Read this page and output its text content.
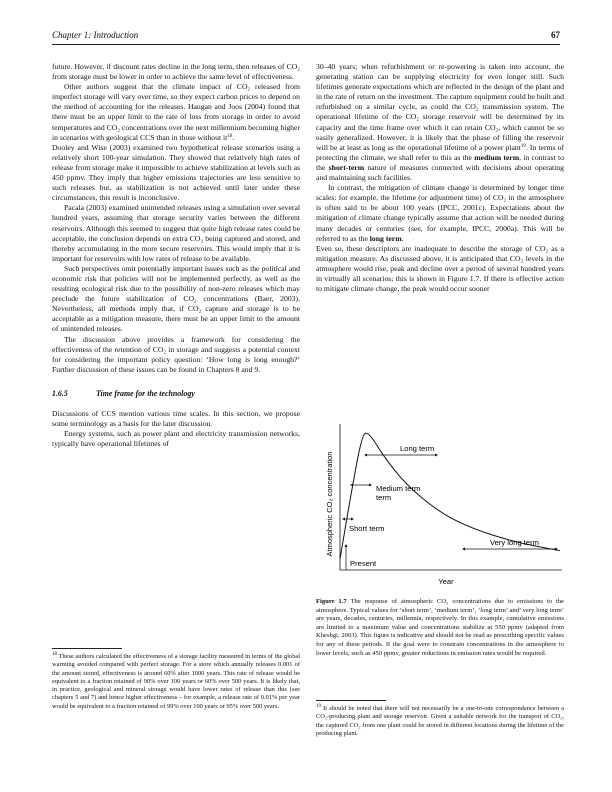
Chapter 1: Introduction	67

future. However, if discount rates decline in the long term, then releases of CO₂ from storage must be lower in order to achieve the same level of effectiveness.

Other authors suggest that the climate impact of CO₂ released from imperfect storage will vary over time, so they expect carbon prices to depend on the method of accounting for the releases. Haugan and Joos (2004) found that there must be an upper limit to the rate of loss from storage in order to avoid temperatures and CO₂ concentrations over the next millennium becoming higher in scenarios with geological CCS than in those without $it^{18}$.

Dooley and Wise (2003) examined two hypothetical release scenarios using a relatively short 100-year simulation. They showed that relatively high rates of release from storage make it impossible to achieve stabilization at levels such as 450 ppmv. They imply that higher emissions trajectories are less sensitive to such releases but, as stabilization is not achieved until later under these circumstances, this result is inconclusive.

Pacala (2003) examined unintended releases using a simulation over several hundred years, assuming that storage security varies between the different reservoirs. Although this seemed to suggest that quite high release rates could be acceptable, the conclusion depends on extra CO₂ being captured and stored, and thereby accumulating in the more secure reservoirs. This would imply that it is important for reservoirs with low rates of release to be available.

Such perspectives omit potentially important issues such as the political and economic risk that policies will not be implemented perfectly, as well as the resulting ecological risk due to the possibility of non-zero releases which may preclude the future stabilization of CO₂ concentrations (Baer, 2003). Nevertheless, all methods imply that, if CO₂ capture and storage is to be acceptable as a mitigation measure, there must be an upper limit to the amount of unintended releases.

The discussion above provides a framework for considering the effectiveness of the retention of CO₂ in storage and suggests a potential context for considering the important policy question: ‘How long is long enough?’ Further discussion of these issues can be found in Chapters 8 and 9.

1.6.5	Time frame for the technology

Discussions of CCS mention various time scales. In this section, we propose some terminology as a basis for the later discussion.

Energy systems, such as power plant and electricity transmission networks, typically have operational lifetimes of

$^{18}$ These authors calculated the effectiveness of a storage facility measured in terms of the global warming avoided compared with perfect storage. For a store which annually releases 0.001 of the amount stored, effectiveness is around 60% after 1000 years. This rate of release would be equivalent to a fraction retained of 90% over 100 years or 60% over 500 years. It is likely that, in practice, geological and mineral storage would have lower rates of release than this (see chapters 5 and 7) and hence higher effectiveness – for example, a release rate of 0.01% per year would be equivalent to a fraction retained of 99% over 100 years or 95% over 500 years.

30–40 years; when refurbishment or re-powering is taken into account, the generating station can be supplying electricity for even longer still. Such lifetimes generate expectations which are reflected in the design of the plant and in the rate of return on the investment. The capture equipment could be built and refurbished on a similar cycle, as could the CO₂ transmission system. The operational lifetime of the CO₂ storage reservoir will be determined by its capacity and the time frame over which it can retain CO₂, which cannot be so easily generalized. However, it is likely that the phase of filling the reservoir will be at least as long as the operational lifetime of a power plant$^{19}$. In terms of protecting the climate, we shall refer to this as the medium term, in contrast to the short-term nature of measures connected with decisions about operating and maintaining such facilities.

In contrast, the mitigation of climate change is determined by longer time scales: for example, the lifetime (or adjustment time) of CO₂ in the atmosphere is often said to be about 100 years (IPCC, 2001c). Expectations about the mitigation of climate change typically assume that action will be needed during many decades or centuries (see, for example, IPCC, 2000a). This will be referred to as the long term.

Even so, these descriptors are inadequate to describe the storage of CO₂ as a mitigation measure. As discussed above, it is anticipated that CO₂ levels in the atmosphere would rise, peak and decline over a period of several hundred years in virtually all scenarios; this is shown in Figure 1.7. If there is effective action to mitigate climate change, the peak would occur sooner

Atmospheric CO₂ concentration Short term
Medium term
term
Long term
Very long term
Present
Year
Figure 1.7 The response of atmospheric CO₂ concentrations due to emissions to the atmosphere. Typical values for ‘short term’, ‘medium term’, ‘long term’ and’ very long term’ are years, decades, centuries, millennia, respectively. In this example, cumulative emissions are limited to a maximum value and concentrations stabilize at 550 ppmv (adapted from Kheshgi, 2003). This figure is indicative and should not be read as prescribing specific values for any of these periods. If the goal were to constrain concentrations in the atmosphere to lower levels, such as 450 ppmv, greater reductions in emission rates would be required.
$^{19}$ It should be noted that there will not necessarily be a one-to-one correspondence between a CO₂-producing plant and storage reservoir. Given a suitable network for the transport of CO₂, the captured CO₂ from one plant could be stored in different locations during the lifetime of the producing plant.
